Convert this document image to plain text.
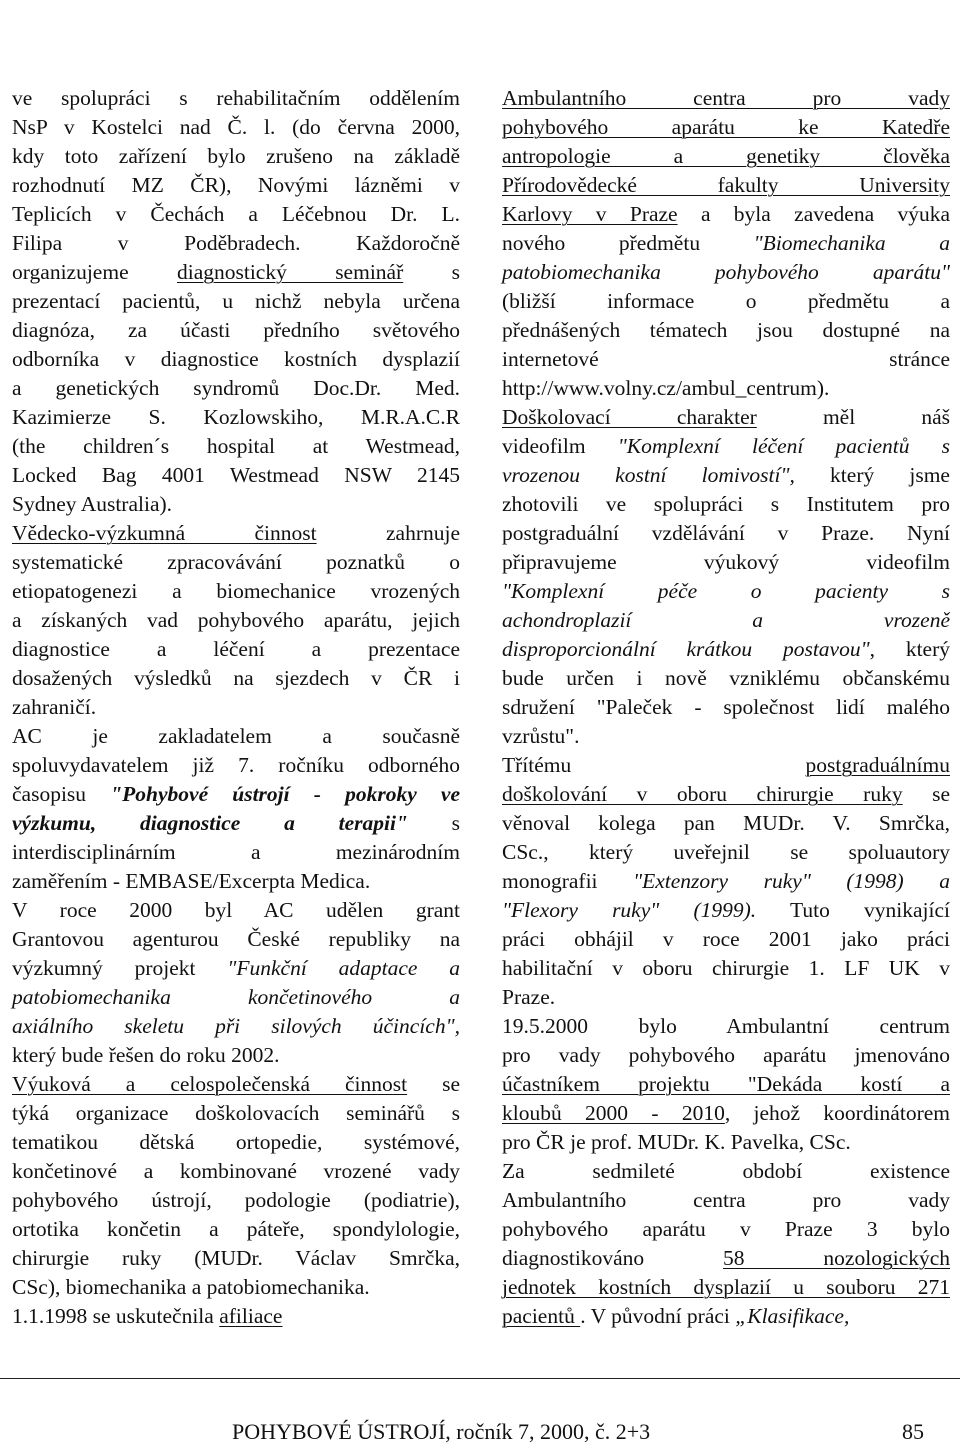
ve spolupráci s rehabilitačním oddělením
NsP v Kostelci nad Č. l. (do června 2000,
kdy toto zařízení bylo zrušeno na základě
rozhodnutí MZ ČR), Novými lázněmi v
Teplicích v Čechách a Léčebnou Dr. L.
Filipa v Poděbradech. Každoročně
organizujeme diagnostický seminář s
prezentací pacientů, u nichž nebyla určena
diagnóza, za účasti předního světového
odborníka v diagnostice kostních dysplazií
a genetických syndromů Doc.Dr. Med.
Kazimierze S. Kozlowskiho, M.R.A.C.R
(the children´s hospital at Westmead,
Locked Bag 4001 Westmead NSW 2145
Sydney Australia).
Vědecko-výzkumná činnost zahrnuje
systematické zpracovávání poznatků o
etiopatogenezi a biomechanice vrozených
a získaných vad pohybového aparátu, jejich
diagnostice a léčení a prezentace
dosažených výsledků na sjezdech v ČR i
zahraničí.
AC je zakladatelem a současně
spoluvydavatelem již 7. ročníku odborného
časopisu "Pohybové ústrojí - pokroky ve
výzkumu, diagnostice a terapii" s
interdisciplinárním a mezinárodním
zaměřením - EMBASE/Excerpta Medica.
V roce 2000 byl AC udělen grant
Grantovou agenturou České republiky na
výzkumný projekt "Funkční adaptace a
patobiomechanika končetinového a
axiálního skeletu při silových účincích",
který bude řešen do roku 2002.
Výuková a celospolečenská činnost se
týká organizace doškolovacích seminářů s
tematikou dětská ortopedie, systémové,
končetinové a kombinované vrozené vady
pohybového ústrojí, podologie (podiatrie),
ortotika končetin a páteře, spondylologie,
chirurgie ruky (MUDr. Václav Smrčka,
CSc), biomechanika a patobiomechanika.
1.1.1998 se uskutečnila afiliace
Ambulantního centra pro vady
pohybového aparátu ke Katedře
antropologie a genetiky člověka
Přírodovědecké fakulty University
Karlovy v Praze a byla zavedena výuka
nového předmětu "Biomechanika a
patobiomechanika pohybového aparátu"
(bližší informace o předmětu a
přednášených tématech jsou dostupné na
internetové stránce
http://www.volny.cz/ambul_centrum).
Doškolovací charakter měl náš
videofilm "Komplexní léčení pacientů s
vrozenou kostní lomivostí", který jsme
zhotovili ve spolupráci s Institutem pro
postgraduální vzdělávání v Praze. Nyní
připravujeme výukový videofilm
"Komplexní péče o pacienty s
achondroplazií a vrozeně
disproporcionální krátkou postavou", který
bude určen i nově vzniklému občanskému
sdružení "Paleček - společnost lidí malého
vzrůstu".
Třítému postgraduálnímu
doškolování v oboru chirurgie ruky se
věnoval kolega pan MUDr. V. Smrčka,
CSc., který uveřejnil se spoluautory
monografii "Extenzory ruky" (1998) a
"Flexory ruky" (1999). Tuto vynikající
práci obhájil v roce 2001 jako práci
habilitační v oboru chirurgie 1. LF UK v
Praze.
19.5.2000 bylo Ambulantní centrum
pro vady pohybového aparátu jmenováno
účastníkem projektu "Dekáda kostí a
kloubů 2000 - 2010, jehož koordinátorem
pro ČR je prof. MUDr. K. Pavelka, CSc.
Za sedmileté období existence
Ambulantního centra pro vady
pohybového aparátu v Praze 3 bylo
diagnostikováno 58 nozologických
jednotek kostních dysplazií u souboru 271
pacientů . V původní práci „Klasifikace,
POHYBOVÉ ÚSTROJÍ, ročník 7, 2000, č. 2+3	85
